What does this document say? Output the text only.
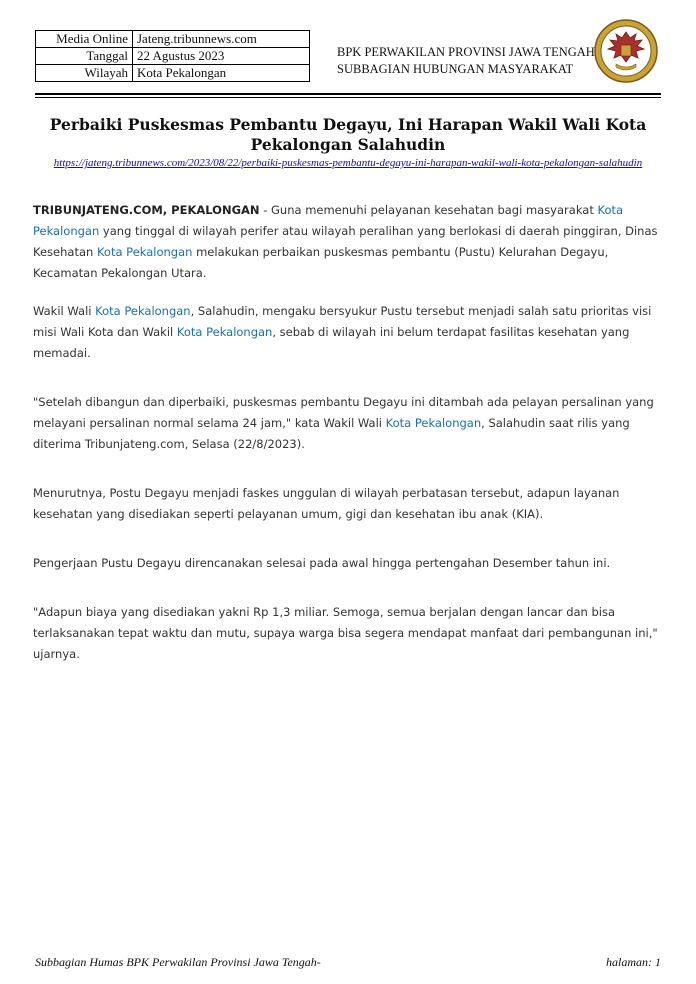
Media Online	Jateng.tribunnews.com
Tanggal	22 Agustus 2023
Wilayah	Kota Pekalongan
BPK PERWAKILAN PROVINSI JAWA TENGAH
SUBBAGIAN HUBUNGAN MASYARAKAT
Perbaiki Puskesmas Pembantu Degayu, Ini Harapan Wakil Wali Kota Pekalongan Salahudin
https://jateng.tribunnews.com/2023/08/22/perbaiki-puskesmas-pembantu-degayu-ini-harapan-wakil-wali-kota-pekalongan-salahudin

TRIBUNJATENG.COM, PEKALONGAN - Guna memenuhi pelayanan kesehatan bagi masyarakat Kota Pekalongan yang tinggal di wilayah perifer atau wilayah peralihan yang berlokasi di daerah pinggiran, Dinas Kesehatan Kota Pekalongan melakukan perbaikan puskesmas pembantu (Pustu) Kelurahan Degayu, Kecamatan Pekalongan Utara.

Wakil Wali Kota Pekalongan, Salahudin, mengaku bersyukur Pustu tersebut menjadi salah satu prioritas visi misi Wali Kota dan Wakil Kota Pekalongan, sebab di wilayah ini belum terdapat fasilitas kesehatan yang memadai.

"Setelah dibangun dan diperbaiki, puskesmas pembantu Degayu ini ditambah ada pelayan persalinan yang melayani persalinan normal selama 24 jam," kata Wakil Wali Kota Pekalongan, Salahudin saat rilis yang diterima Tribunjateng.com, Selasa (22/8/2023).

Menurutnya, Postu Degayu menjadi faskes unggulan di wilayah perbatasan tersebut, adapun layanan kesehatan yang disediakan seperti pelayanan umum, gigi dan kesehatan ibu anak (KIA).

Pengerjaan Pustu Degayu direncanakan selesai pada awal hingga pertengahan Desember tahun ini.

"Adapun biaya yang disediakan yakni Rp 1,3 miliar. Semoga, semua berjalan dengan lancar dan bisa terlaksanakan tepat waktu dan mutu, supaya warga bisa segera mendapat manfaat dari pembangunan ini," ujarnya.

Subbagian Humas BPK Perwakilan Provinsi Jawa Tengah-	halaman: 1
